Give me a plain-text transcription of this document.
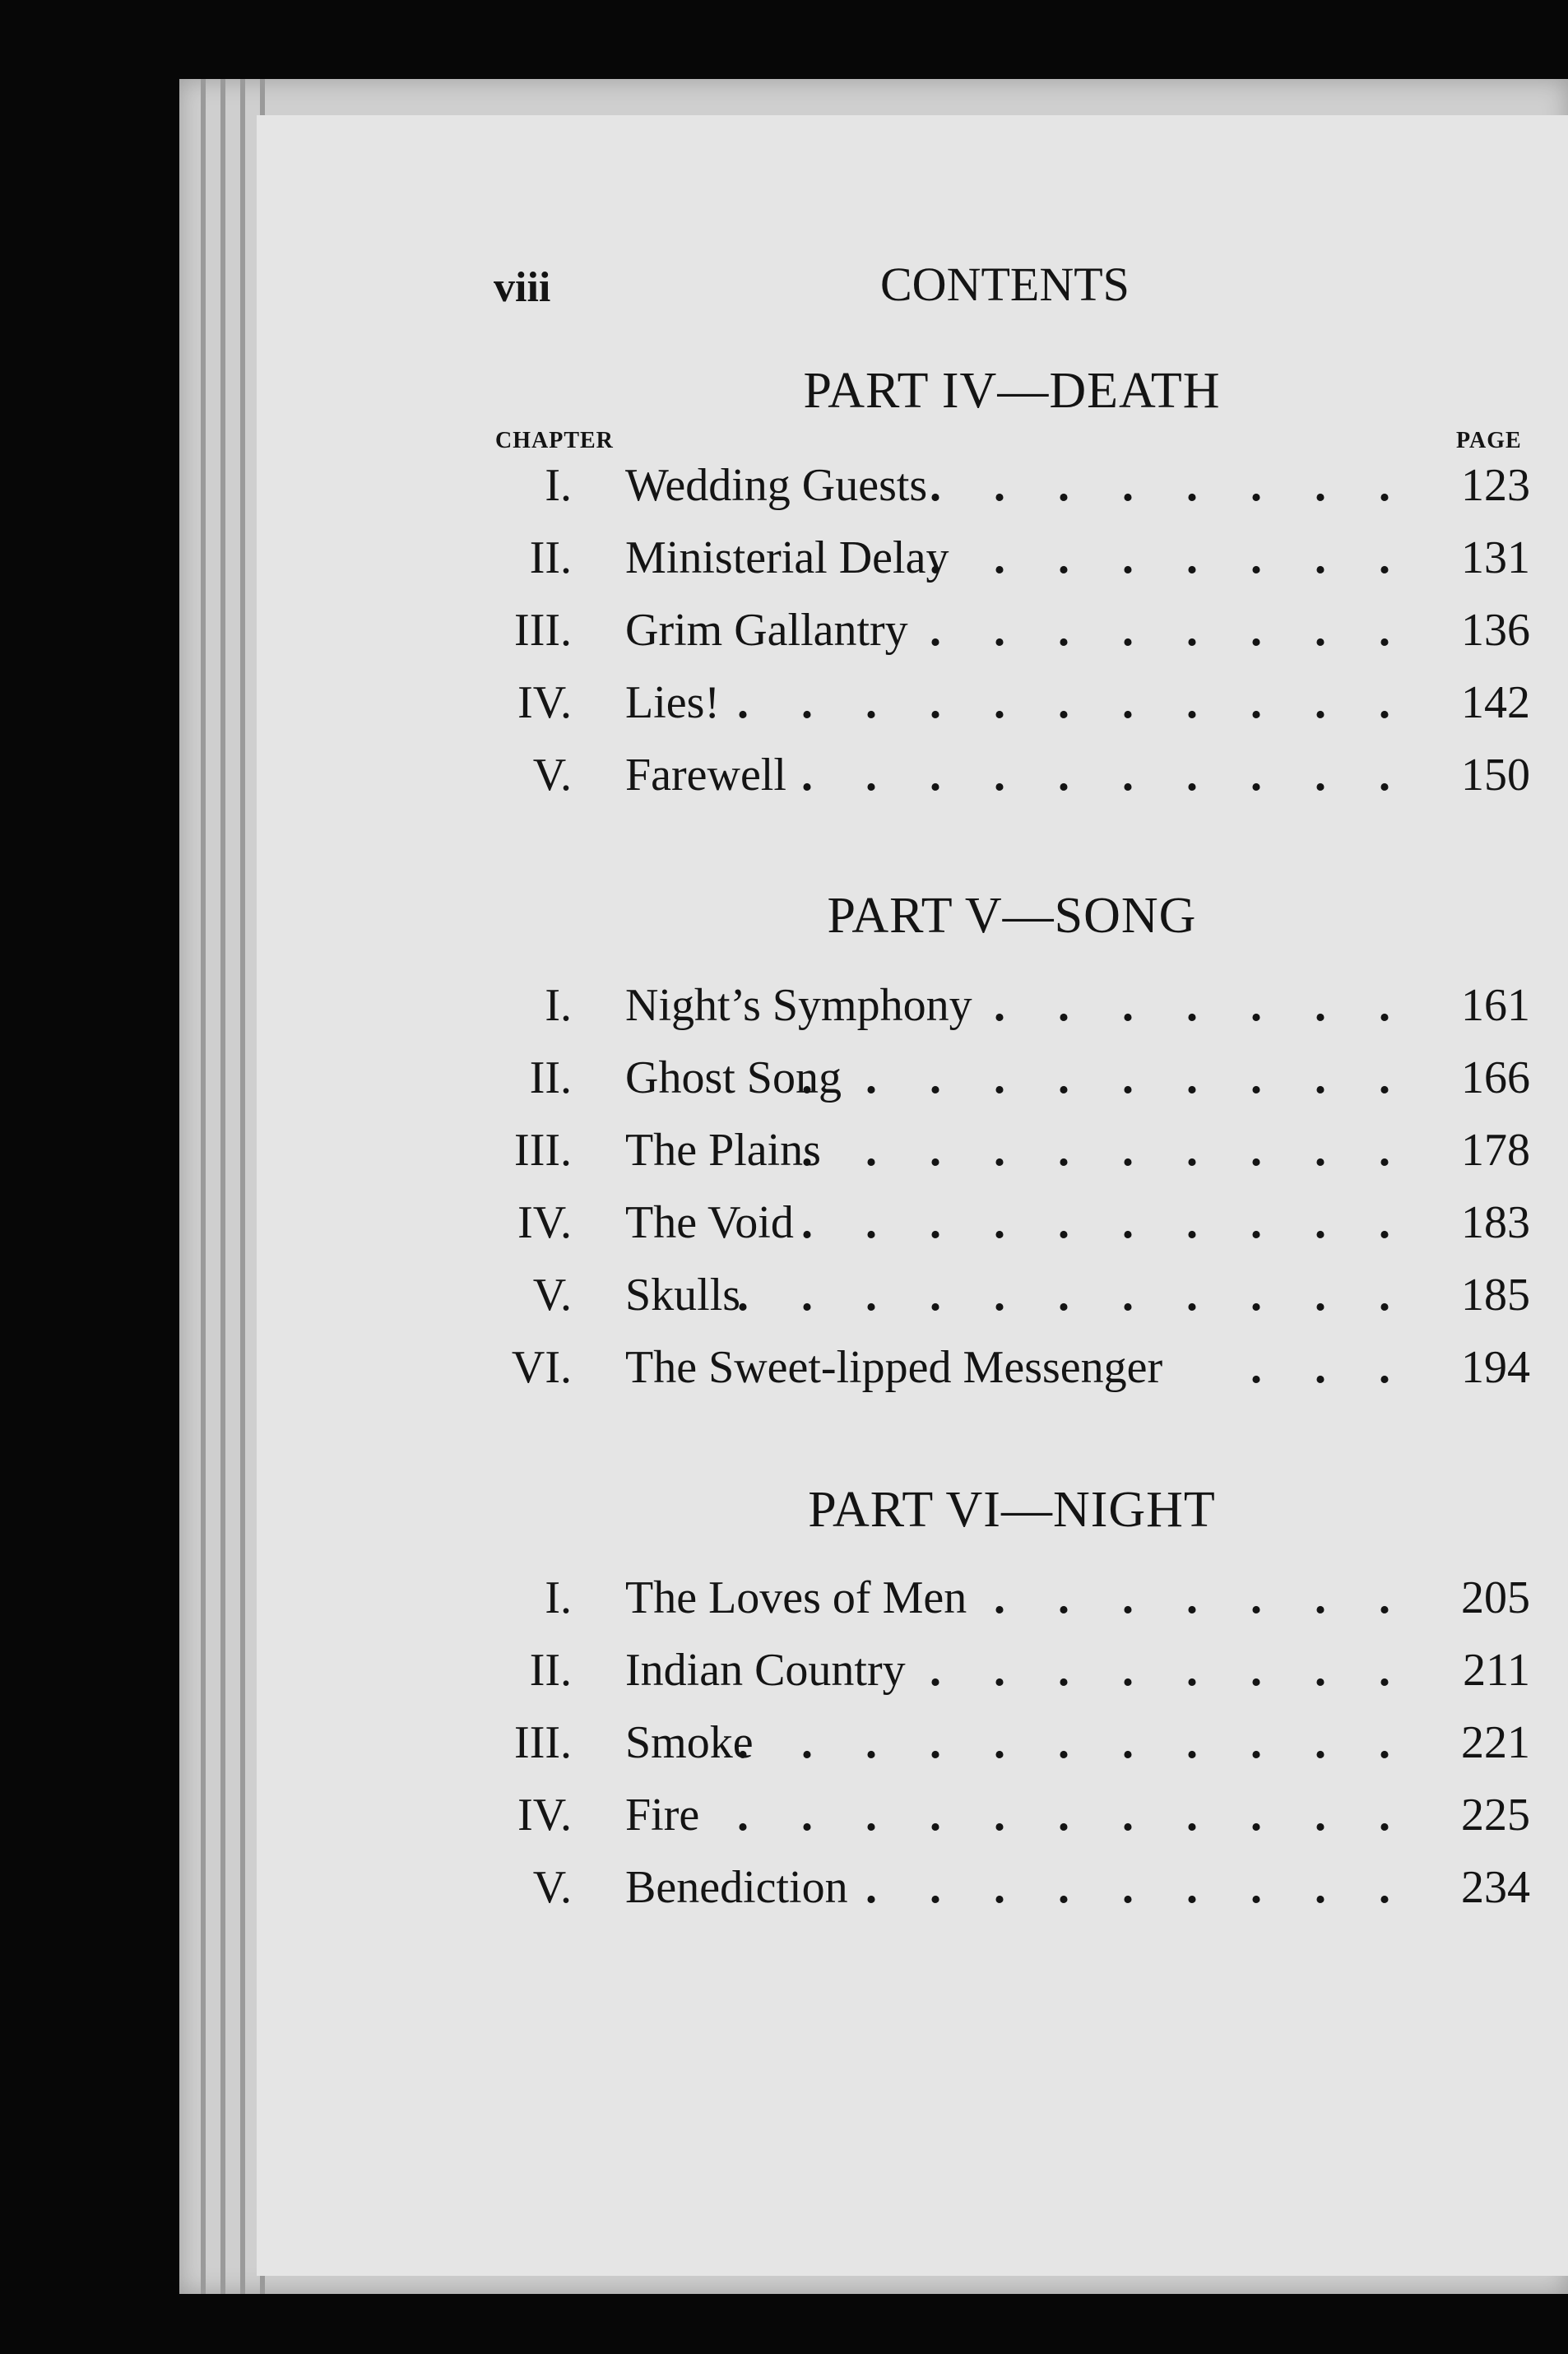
viii	CONTENTS
PART IV—DEATH
CHAPTER	PAGE
I. Wedding Guests . . . . . . . . 123
II. Ministerial Delay
. . . . . . . . 131
III. Grim Gallantry . . . . . . . . 136
IV. Lies! . . . . . . . . . . . 142
V. Farewell . . . . . . . . . . 150
PART V—SONG
I. Night’s Symphony . . . . . . . 161
II. Ghost Song
. . . . . . . . . . 166
III. The Plains
. . . . . . . . . . 178
IV. The Void . . . . . . . . . . 183
V. Skulls
. . . . . . . . . . . 185
VI. The Sweet-lipped Messenger . . . 194
PART VI—NIGHT
I. The Loves of Men . . . . . . . 205
II. Indian Country . . . . . . . . 211
III. Smoke
. . . . . . . . . . . 221
IV. Fire . . . . . . . . . . . 225
V. Benediction . . . . . . . . . 234
